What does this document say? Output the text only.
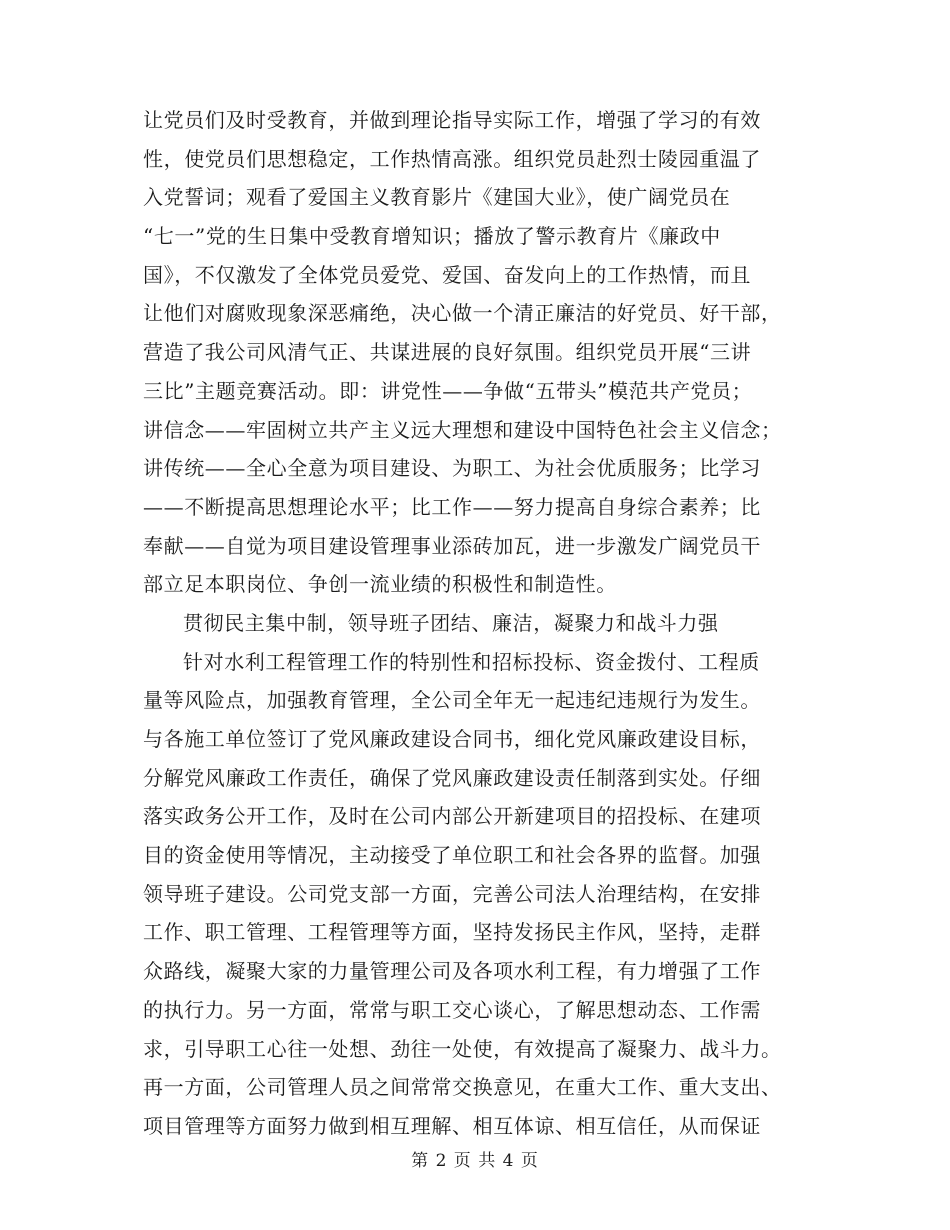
让党员们及时受教育，并做到理论指导实际工作，增强了学习的有效
性，使党员们思想稳定，工作热情高涨。组织党员赴烈士陵园重温了
入党誓词；观看了爱国主义教育影片《建国大业》，使广阔党员在
“七一”党的生日集中受教育增知识；播放了警示教育片《廉政中
国》，不仅激发了全体党员爱党、爱国、奋发向上的工作热情，而且
让他们对腐败现象深恶痛绝，决心做一个清正廉洁的好党员、好干部，
营造了我公司风清气正、共谋进展的良好氛围。组织党员开展“三讲
三比”主题竞赛活动。即：讲党性——争做“五带头”模范共产党员；
讲信念——牢固树立共产主义远大理想和建设中国特色社会主义信念；
讲传统——全心全意为项目建设、为职工、为社会优质服务；比学习
——不断提高思想理论水平；比工作——努力提高自身综合素养；比
奉献——自觉为项目建设管理事业添砖加瓦，进一步激发广阔党员干
部立足本职岗位、争创一流业绩的积极性和制造性。
贯彻民主集中制，领导班子团结、廉洁，凝聚力和战斗力强
针对水利工程管理工作的特别性和招标投标、资金拨付、工程质
量等风险点，加强教育管理，全公司全年无一起违纪违规行为发生。
与各施工单位签订了党风廉政建设合同书，细化党风廉政建设目标，
分解党风廉政工作责任，确保了党风廉政建设责任制落到实处。仔细
落实政务公开工作，及时在公司内部公开新建项目的招投标、在建项
目的资金使用等情况，主动接受了单位职工和社会各界的监督。加强
领导班子建设。公司党支部一方面，完善公司法人治理结构，在安排
工作、职工管理、工程管理等方面，坚持发扬民主作风，坚持，走群
众路线，凝聚大家的力量管理公司及各项水利工程，有力增强了工作
的执行力。另一方面，常常与职工交心谈心，了解思想动态、工作需
求，引导职工心往一处想、劲往一处使，有效提高了凝聚力、战斗力。
再一方面，公司管理人员之间常常交换意见，在重大工作、重大支出、
项目管理等方面努力做到相互理解、相互体谅、相互信任，从而保证
第 2 页 共 4 页
